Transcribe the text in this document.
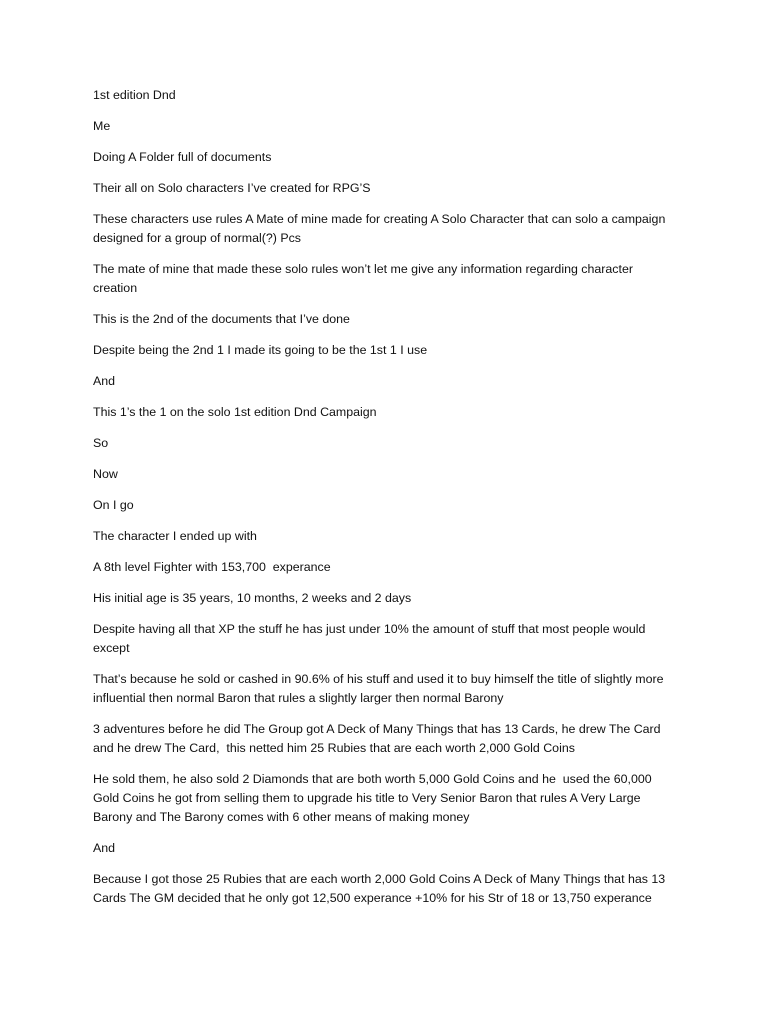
1st edition Dnd

Me

Doing A Folder full of documents

Their all on Solo characters I’ve created for RPG’S

These characters use rules A Mate of mine made for creating A Solo Character that can solo a campaign designed for a group of normal(?) Pcs

The mate of mine that made these solo rules won’t let me give any information regarding character creation

This is the 2nd of the documents that I’ve done

Despite being the 2nd 1 I made its going to be the 1st 1 I use

And

This 1’s the 1 on the solo 1st edition Dnd Campaign

So

Now

On I go

The character I ended up with

A 8th level Fighter with 153,700  experance

His initial age is 35 years, 10 months, 2 weeks and 2 days

Despite having all that XP the stuff he has just under 10% the amount of stuff that most people would except

That’s because he sold or cashed in 90.6% of his stuff and used it to buy himself the title of slightly more influential then normal Baron that rules a slightly larger then normal Barony

3 adventures before he did The Group got A Deck of Many Things that has 13 Cards, he drew The Card and he drew The Card,  this netted him 25 Rubies that are each worth 2,000 Gold Coins

He sold them, he also sold 2 Diamonds that are both worth 5,000 Gold Coins and he  used the 60,000 Gold Coins he got from selling them to upgrade his title to Very Senior Baron that rules A Very Large Barony and The Barony comes with 6 other means of making money

And

Because I got those 25 Rubies that are each worth 2,000 Gold Coins A Deck of Many Things that has 13 Cards The GM decided that he only got 12,500 experance +10% for his Str of 18 or 13,750 experance
